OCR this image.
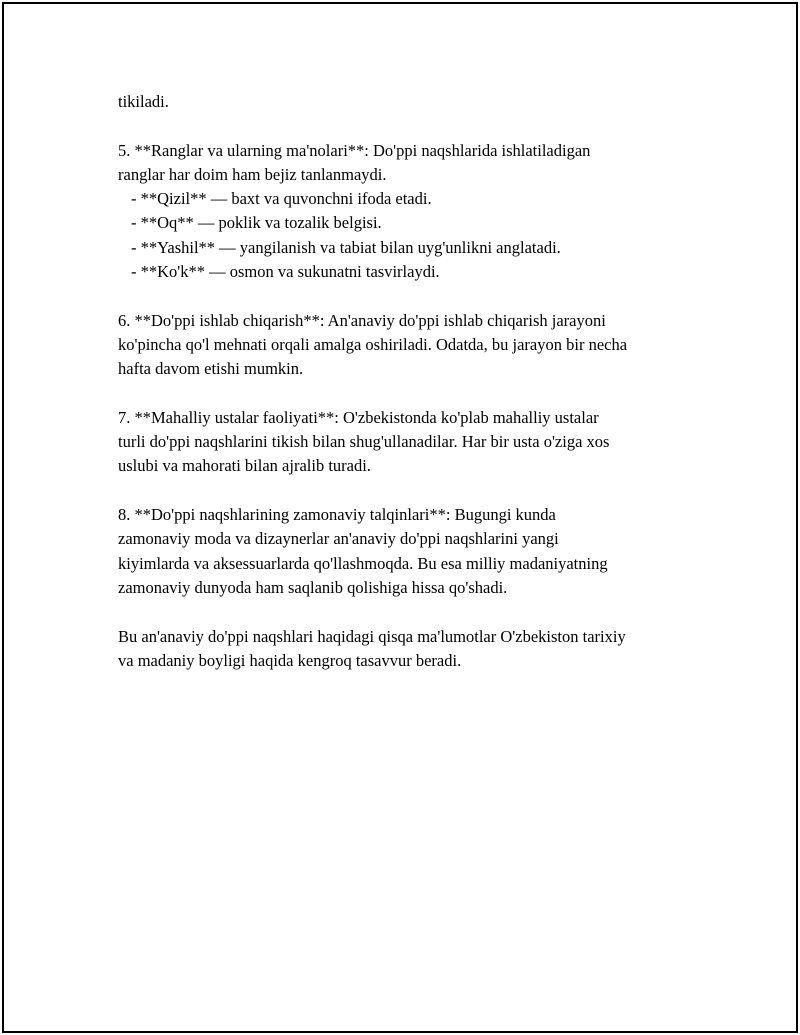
tikiladi.
5. **Ranglar va ularning ma'nolari**: Do'ppi naqshlarida ishlatiladigan
ranglar har doim ham bejiz tanlanmaydi.
- **Qizil** — baxt va quvonchni ifoda etadi.
- **Oq** — poklik va tozalik belgisi.
- **Yashil** — yangilanish va tabiat bilan uyg'unlikni anglatadi.
- **Ko'k** — osmon va sukunatni tasvirlaydi.
6. **Do'ppi ishlab chiqarish**: An'anaviy do'ppi ishlab chiqarish jarayoni
ko'pincha qo'l mehnati orqali amalga oshiriladi. Odatda, bu jarayon bir necha
hafta davom etishi mumkin.
7. **Mahalliy ustalar faoliyati**: O'zbekistonda ko'plab mahalliy ustalar
turli do'ppi naqshlarini tikish bilan shug'ullanadilar. Har bir usta o'ziga xos
uslubi va mahorati bilan ajralib turadi.
8. **Do'ppi naqshlarining zamonaviy talqinlari**: Bugungi kunda
zamonaviy moda va dizaynerlar an'anaviy do'ppi naqshlarini yangi
kiyimlarda va aksessuarlarda qo'llashmoqda. Bu esa milliy madaniyatning
zamonaviy dunyoda ham saqlanib qolishiga hissa qo'shadi.
Bu an'anaviy do'ppi naqshlari haqidagi qisqa ma'lumotlar O'zbekiston tarixiy
va madaniy boyligi haqida kengroq tasavvur beradi.
